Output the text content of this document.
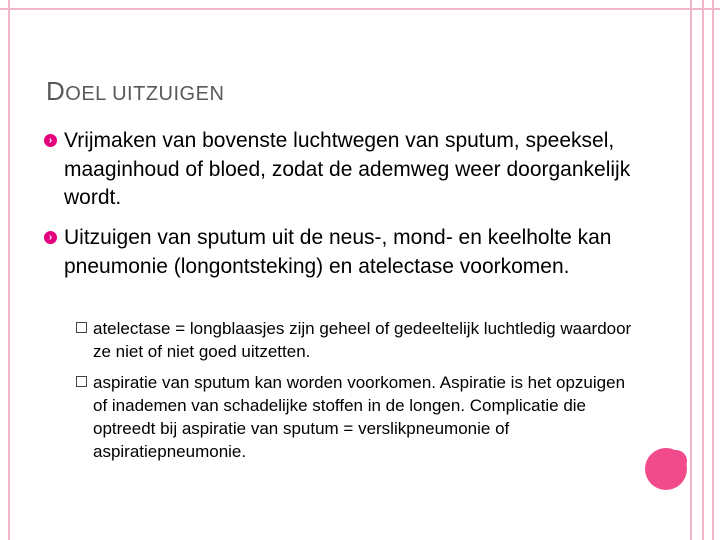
DOEL UITZUIGEN
› Vrijmaken van bovenste luchtwegen van sputum, speeksel, maaginhoud of bloed, zodat de ademweg weer doorgankelijk wordt.
› Uitzuigen van sputum uit de neus-, mond- en keelholte kan pneumonie (longontsteking) en atelectase voorkomen.
atelectase = longblaasjes zijn geheel of gedeeltelijk luchtledig waardoor ze niet of niet goed uitzetten.
aspiratie van sputum kan worden voorkomen. Aspiratie is het opzuigen of inademen van schadelijke stoffen in de longen. Complicatie die optreedt bij aspiratie van sputum = verslikpneumonie of aspiratiepneumonie.
